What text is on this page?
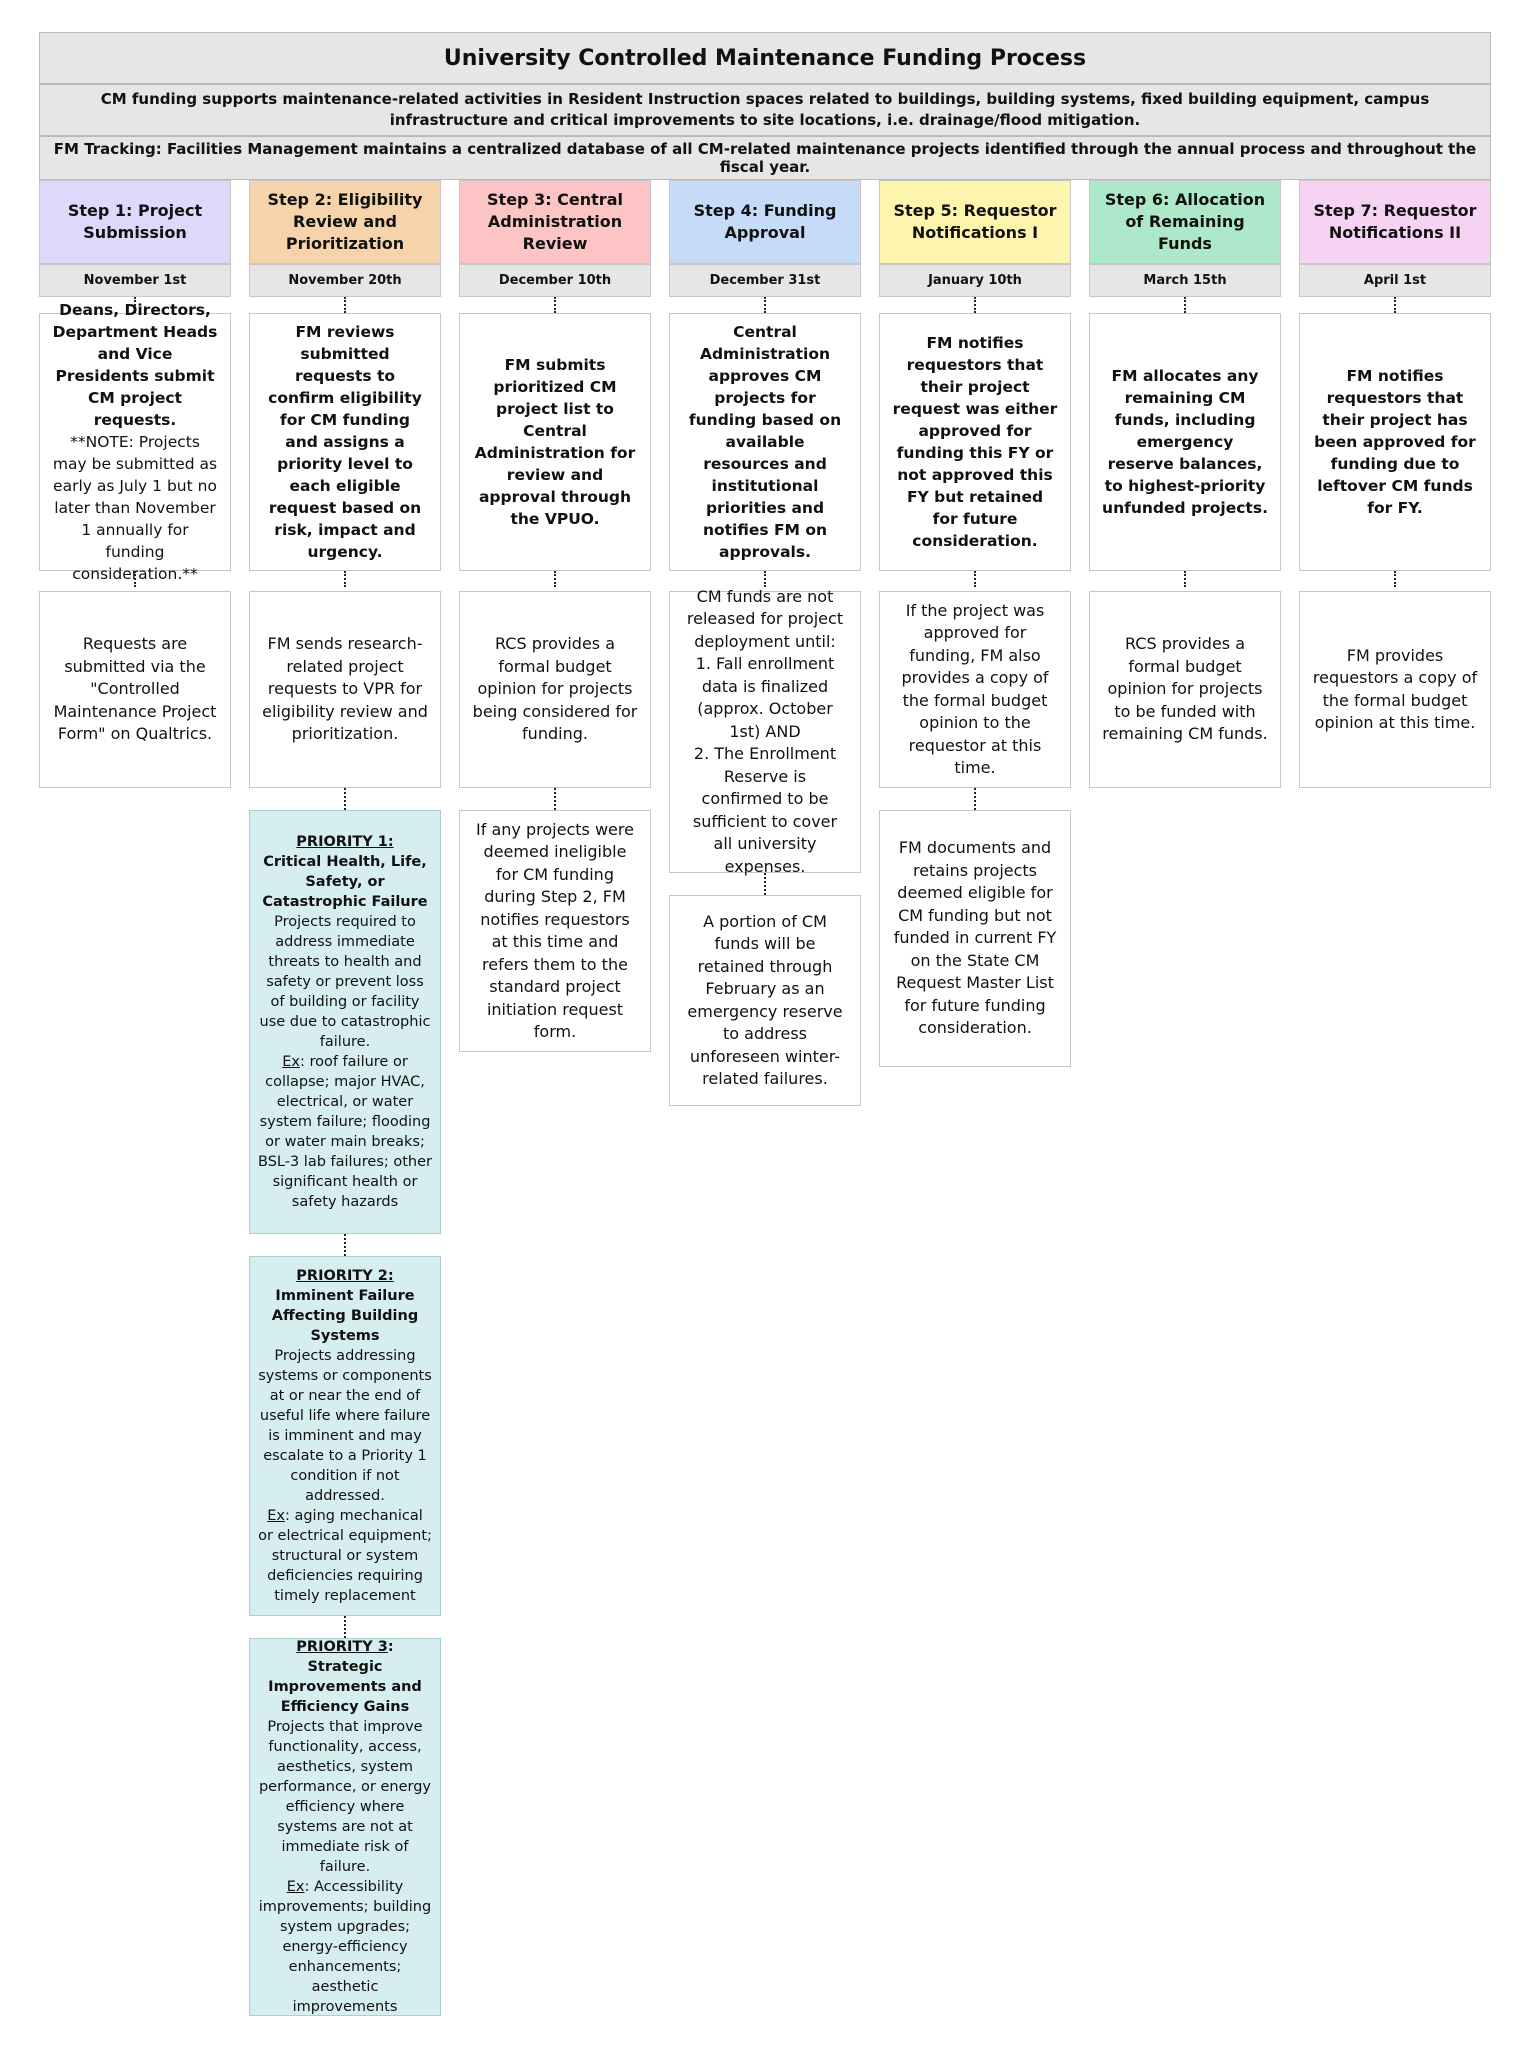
University Controlled Maintenance Funding Process
CM funding supports maintenance-related activities in Resident Instruction spaces related to buildings, building systems, fixed building equipment, campus infrastructure and critical improvements to site locations, i.e. drainage/flood mitigation.
FM Tracking: Facilities Management maintains a centralized database of all CM-related maintenance projects identified through the annual process and throughout the fiscal year.
Step 1: Project Submission
November 1st
Deans, Directors, Department Heads and Vice Presidents submit CM project requests.
**NOTE: Projects may be submitted as early as July 1 but no later than November 1 annually for funding consideration.**
Requests are submitted via the "Controlled Maintenance Project Form" on Qualtrics.
Step 2: Eligibility Review and Prioritization
November 20th
FM reviews submitted requests to confirm eligibility for CM funding and assigns a priority level to each eligible request based on risk, impact and urgency.
FM sends research-related project requests to VPR for eligibility review and prioritization.
PRIORITY 1:
Critical Health, Life, Safety, or Catastrophic Failure
Projects required to address immediate threats to health and safety or prevent loss of building or facility use due to catastrophic failure.
Ex: roof failure or collapse; major HVAC, electrical, or water system failure; flooding or water main breaks; BSL-3 lab failures; other significant health or safety hazards
PRIORITY 2:
Imminent Failure Affecting Building Systems
Projects addressing systems or components at or near the end of useful life where failure is imminent and may escalate to a Priority 1 condition if not addressed.
Ex: aging mechanical or electrical equipment; structural or system deficiencies requiring timely replacement
PRIORITY 3:
Strategic Improvements and Efficiency Gains
Projects that improve functionality, access, aesthetics, system performance, or energy efficiency where systems are not at immediate risk of failure.
Ex: Accessibility improvements; building system upgrades; energy-efficiency enhancements; aesthetic improvements
Step 3: Central Administration Review
December 10th
FM submits prioritized CM project list to Central Administration for review and approval through the VPUO.
RCS provides a formal budget opinion for projects being considered for funding.
If any projects were deemed ineligible for CM funding during Step 2, FM notifies requestors at this time and refers them to the standard project initiation request form.
Step 4: Funding Approval
December 31st
Central Administration approves CM projects for funding based on available resources and institutional priorities and notifies FM on approvals.
CM funds are not released for project deployment until:
1. Fall enrollment data is finalized (approx. October 1st) AND
2. The Enrollment Reserve is confirmed to be sufficient to cover all university expenses.
A portion of CM funds will be retained through February as an emergency reserve to address unforeseen winter-related failures.
Step 5: Requestor Notifications I
January 10th
FM notifies requestors that their project request was either approved for funding this FY or not approved this FY but retained for future consideration.
If the project was approved for funding, FM also provides a copy of the formal budget opinion to the requestor at this time.
FM documents and retains projects deemed eligible for CM funding but not funded in current FY on the State CM Request Master List for future funding consideration.
Step 6: Allocation of Remaining Funds
March 15th
FM allocates any remaining CM funds, including emergency reserve balances, to highest-priority unfunded projects.
RCS provides a formal budget opinion for projects to be funded with remaining CM funds.
Step 7: Requestor Notifications II
April 1st
FM notifies requestors that their project has been approved for funding due to leftover CM funds for FY.
FM provides requestors a copy of the formal budget opinion at this time.
